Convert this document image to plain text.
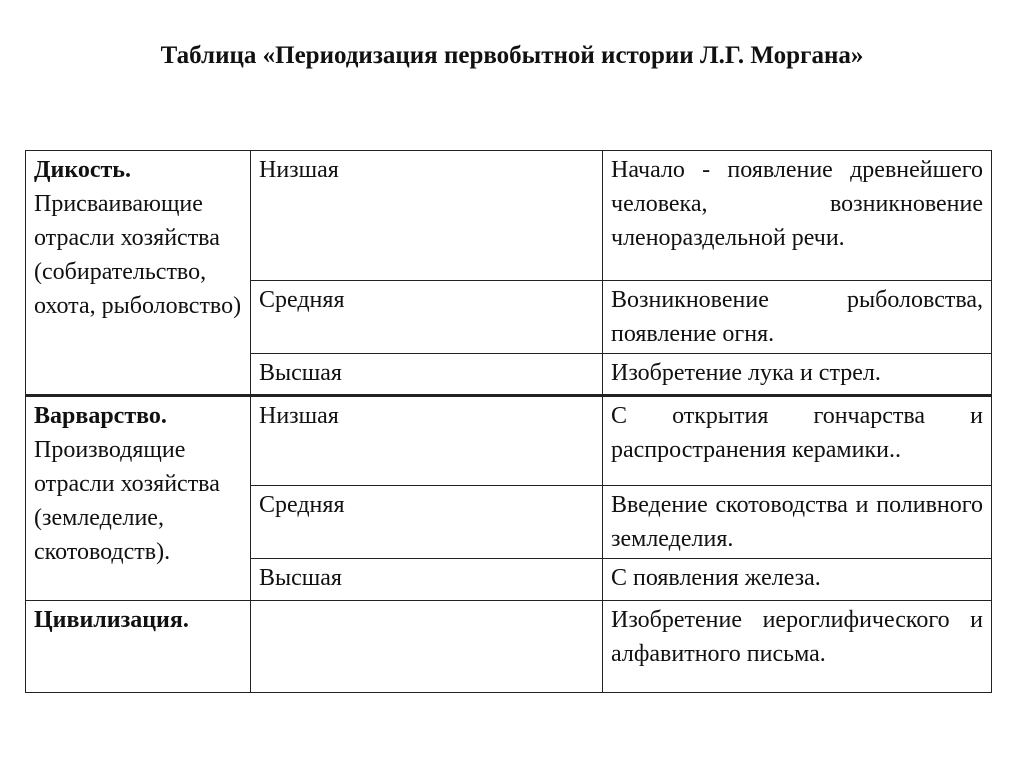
Таблица «Периодизация первобытной истории Л.Г. Моргана»
Дикость.
Присваивающие отрасли хозяйства (собирательство, охота, рыболовство)	Низшая	Начало - появление древнейшего человека, возникновение членораздельной речи.
	Средняя	Возникновение рыболовства, появление огня.
	Высшая	Изобретение лука и стрел.

Варварство.
Производящие отрасли хозяйства (земледелие, скотоводств).	Низшая	С открытия гончарства и распространения керамики..
	Средняя	Введение скотоводства и поливного земледелия.
	Высшая	С появления железа.

Цивилизация.		Изобретение иероглифического и алфавитного письма.
